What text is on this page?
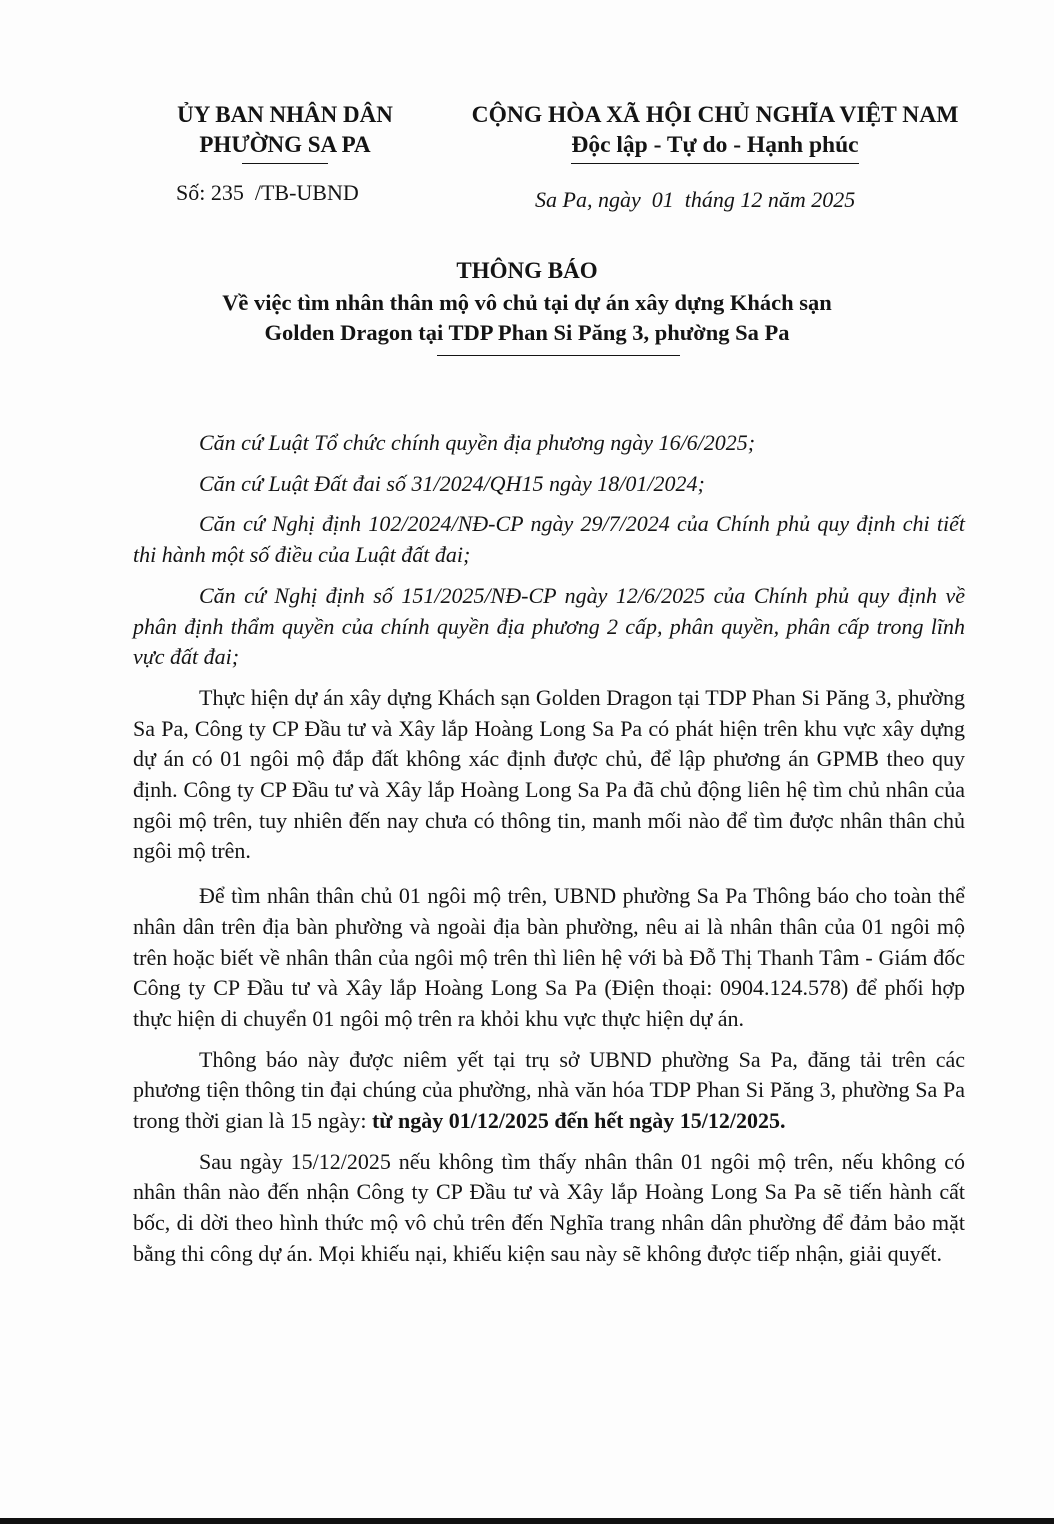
ỦY BAN NHÂN DÂN
PHƯỜNG SA PA
CỘNG HÒA XÃ HỘI CHỦ NGHĨA VIỆT NAM
Độc lập - Tự do - Hạnh phúc
Số: 235  /TB-UBND	Sa Pa, ngày  01  tháng 12 năm 2025
THÔNG BÁO
Về việc tìm nhân thân mộ vô chủ tại dự án xây dựng Khách sạn
Golden Dragon tại TDP Phan Si Păng 3, phường Sa Pa

Căn cứ Luật Tổ chức chính quyền địa phương ngày 16/6/2025;

Căn cứ Luật Đất đai số 31/2024/QH15 ngày 18/01/2024;

Căn cứ Nghị định 102/2024/NĐ-CP ngày 29/7/2024 của Chính phủ quy định chi tiết thi hành một số điều của Luật đất đai;

Căn cứ Nghị định số 151/2025/NĐ-CP ngày 12/6/2025 của Chính phủ quy định về phân định thẩm quyền của chính quyền địa phương 2 cấp, phân quyền, phân cấp trong lĩnh vực đất đai;

Thực hiện dự án xây dựng Khách sạn Golden Dragon tại TDP Phan Si Păng 3, phường Sa Pa, Công ty CP Đầu tư và Xây lắp Hoàng Long Sa Pa có phát hiện trên khu vực xây dựng dự án có 01 ngôi mộ đắp đất không xác định được chủ, để lập phương án GPMB theo quy định. Công ty CP Đầu tư và Xây lắp Hoàng Long Sa Pa đã chủ động liên hệ tìm chủ nhân của ngôi mộ trên, tuy nhiên đến nay chưa có thông tin, manh mối nào để tìm được nhân thân chủ ngôi mộ trên.

Để tìm nhân thân chủ 01 ngôi mộ trên, UBND phường Sa Pa Thông báo cho toàn thể nhân dân trên địa bàn phường và ngoài địa bàn phường, nêu ai là nhân thân của 01 ngôi mộ trên hoặc biết về nhân thân của ngôi mộ trên thì liên hệ với bà Đỗ Thị Thanh Tâm - Giám đốc Công ty CP Đầu tư và Xây lắp Hoàng Long Sa Pa (Điện thoại: 0904.124.578) để phối hợp thực hiện di chuyển 01 ngôi mộ trên ra khỏi khu vực thực hiện dự án.

Thông báo này được niêm yết tại trụ sở UBND phường Sa Pa, đăng tải trên các phương tiện thông tin đại chúng của phường, nhà văn hóa TDP Phan Si Păng 3, phường Sa Pa trong thời gian là 15 ngày: từ ngày 01/12/2025 đến hết ngày 15/12/2025.

Sau ngày 15/12/2025 nếu không tìm thấy nhân thân 01 ngôi mộ trên, nếu không có nhân thân nào đến nhận Công ty CP Đầu tư và Xây lắp Hoàng Long Sa Pa sẽ tiến hành cất bốc, di dời theo hình thức mộ vô chủ trên đến Nghĩa trang nhân dân phường để đảm bảo mặt bằng thi công dự án. Mọi khiếu nại, khiếu kiện sau này sẽ không được tiếp nhận, giải quyết.
